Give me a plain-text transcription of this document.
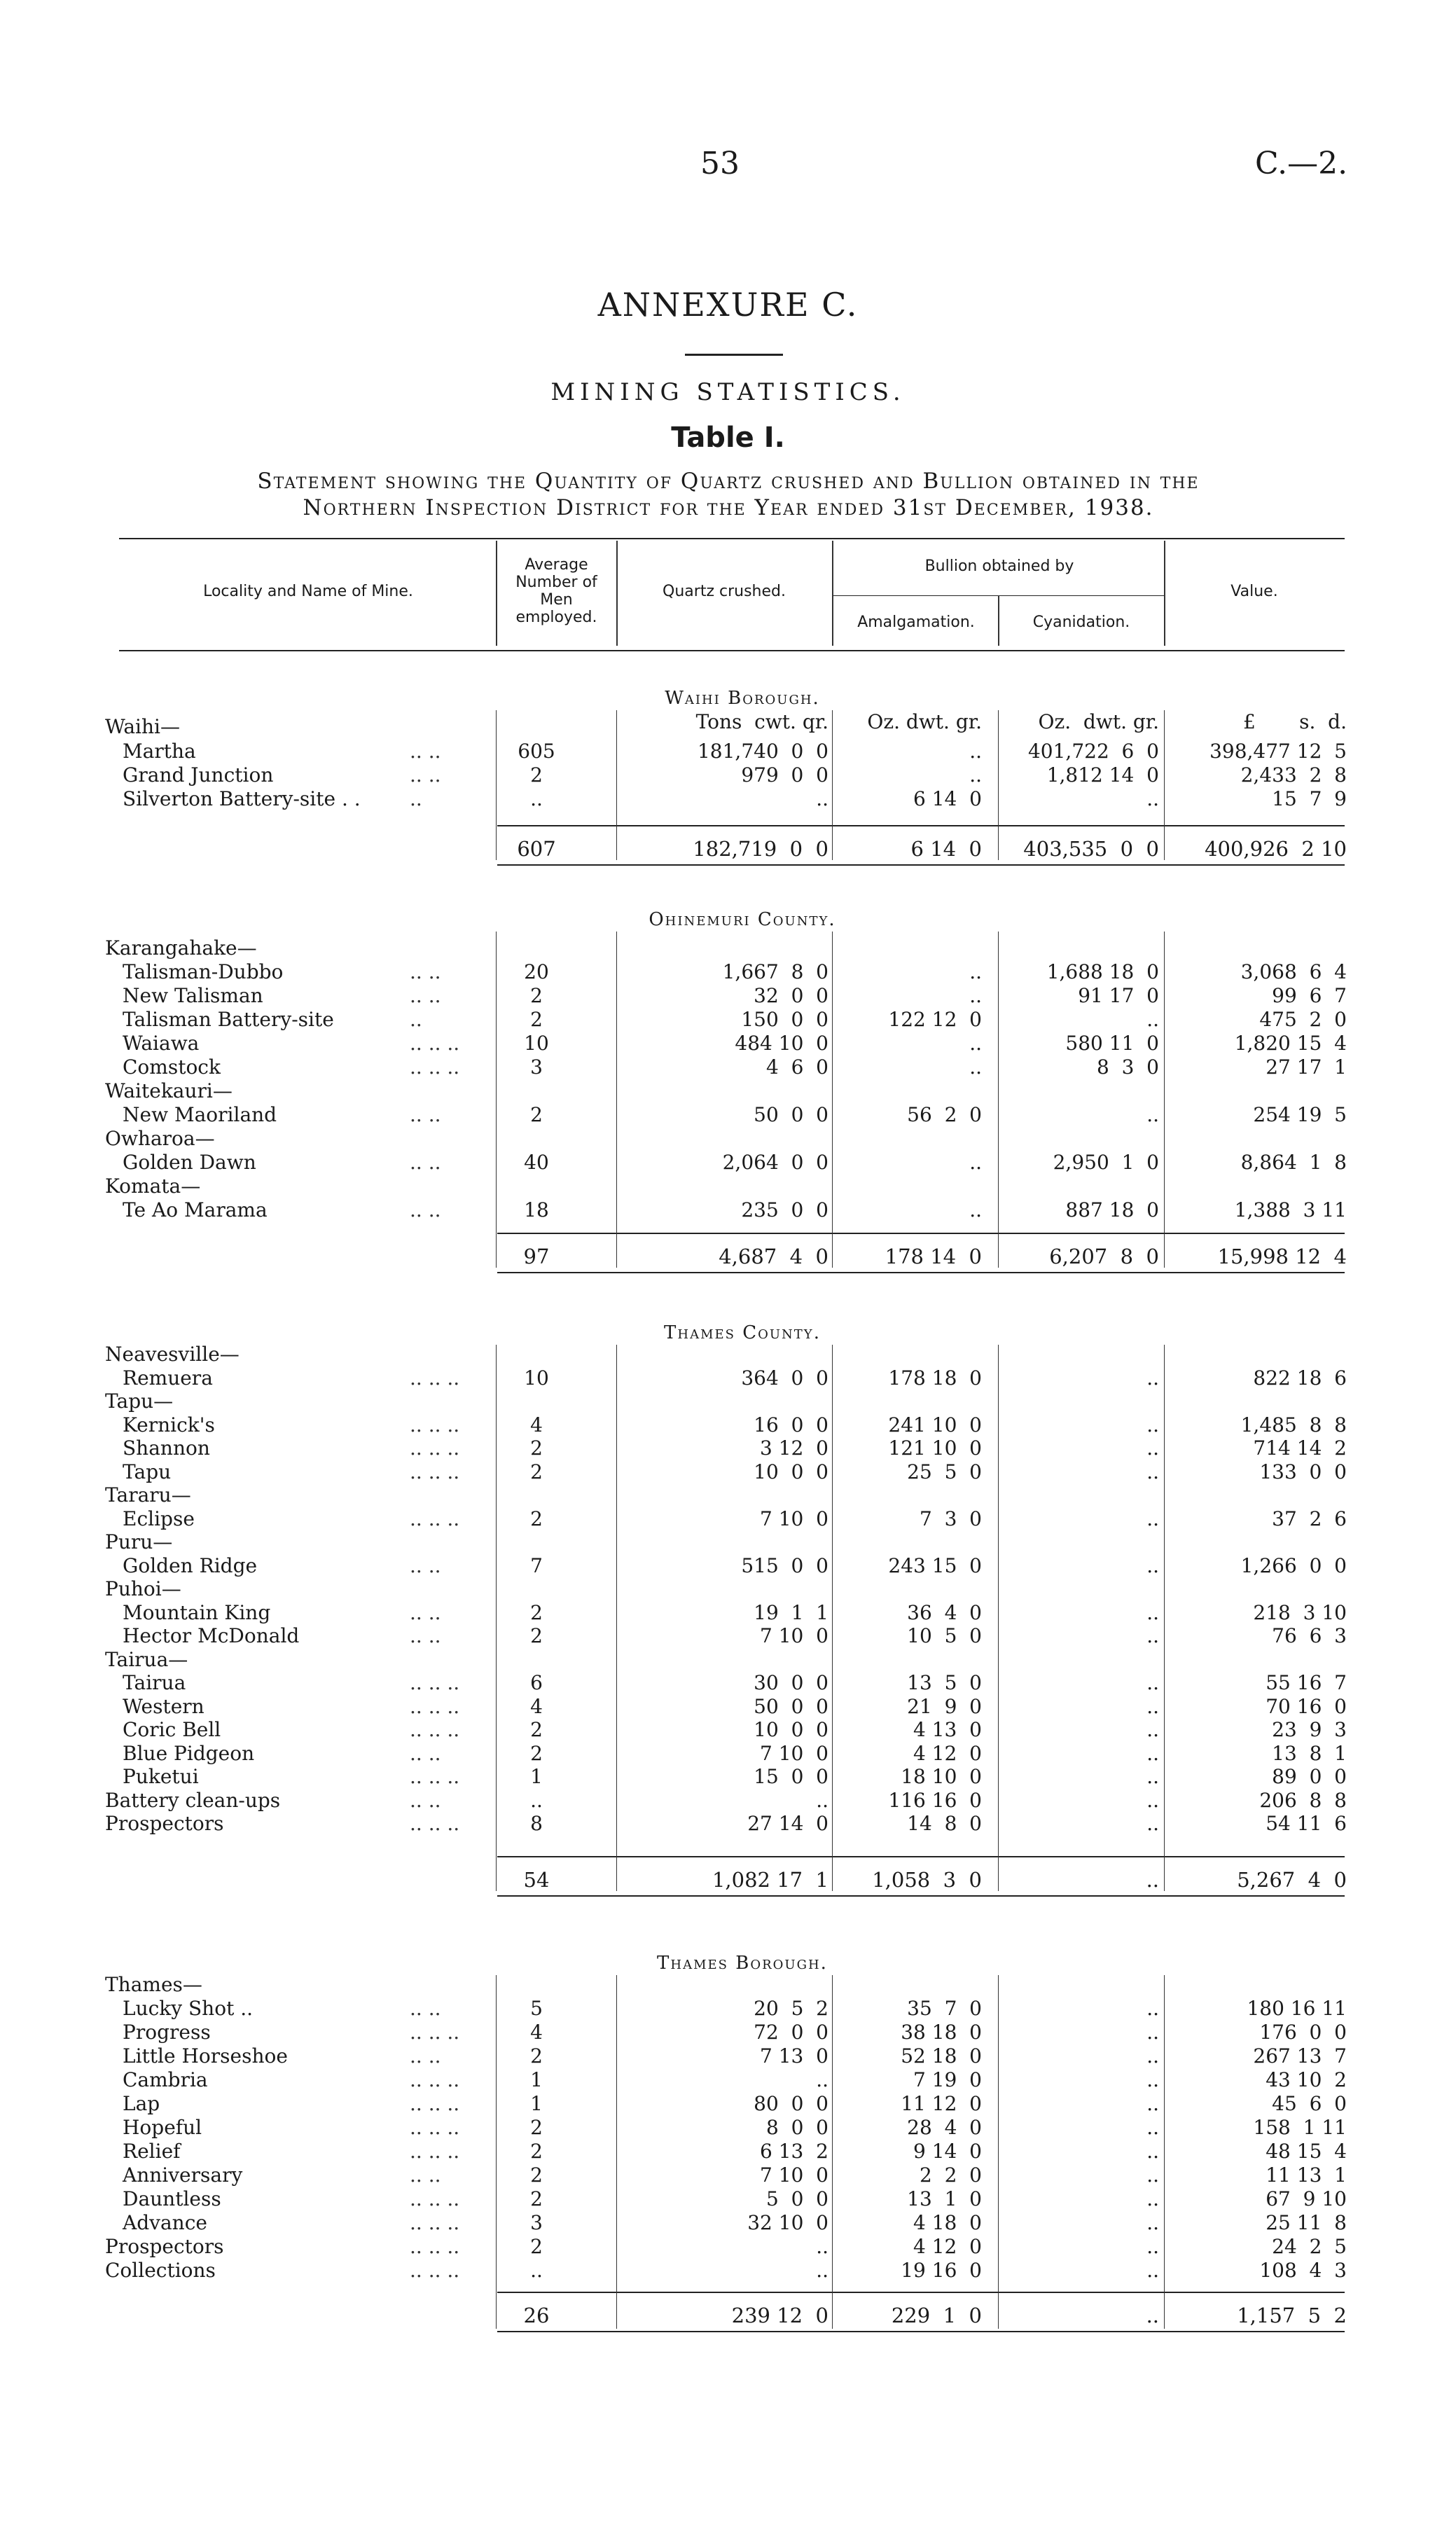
53	C.—2.
ANNEXURE C.
MINING STATISTICS.
Table I.
Statement showing the Quantity of Quartz crushed and Bullion obtained in the
Northern Inspection District for the Year ended 31st December, 1938.
Locality and Name of Mine.
Average
Number of
Men
employed.
Quartz crushed.
Bullion obtained by
Amalgamation.	Cyanidation.
Value.
Waihi Borough.
Tons  cwt. qr.	Oz. dwt. gr.	Oz.  dwt. gr.	£       s.  d.
Waihi—
Martha	.. ..	605	181,740  0  0	..	401,722  6  0	398,477 12  5
Grand Junction	.. ..	2	979  0  0	..	1,812 14  0	2,433  2  8
Silverton Battery-site . .	..	..	..	6 14  0	..	15  7  9
607	182,719  0  0	6 14  0	403,535  0  0	400,926  2 10
Ohinemuri County.
Karangahake—
Talisman-Dubbo	.. ..	20	1,667  8  0	..	1,688 18  0	3,068  6  4
New Talisman	.. ..	2	32  0  0	..	91 17  0	99  6  7
Talisman Battery-site	..	2	150  0  0	122 12  0	..	475  2  0
Waiawa	.. .. ..	10	484 10  0	..	580 11  0	1,820 15  4
Comstock	.. .. ..	3	4  6  0	..	8  3  0	27 17  1
Waitekauri—
New Maoriland	.. ..	2	50  0  0	56  2  0	..	254 19  5
Owharoa—
Golden Dawn	.. ..	40	2,064  0  0	..	2,950  1  0	8,864  1  8
Komata—
Te Ao Marama	.. ..	18	235  0  0	..	887 18  0	1,388  3 11
97	4,687  4  0	178 14  0	6,207  8  0	15,998 12  4
Thames County.
Neavesville—
Remuera	.. .. ..	10	364  0  0	178 18  0	..	822 18  6
Tapu—
Kernick's	.. .. ..	4	16  0  0	241 10  0	..	1,485  8  8
Shannon	.. .. ..	2	3 12  0	121 10  0	..	714 14  2
Tapu	.. .. ..	2	10  0  0	25  5  0	..	133  0  0
Tararu—
Eclipse	.. .. ..	2	7 10  0	7  3  0	..	37  2  6
Puru—
Golden Ridge	.. ..	7	515  0  0	243 15  0	..	1,266  0  0
Puhoi—
Mountain King	.. ..	2	19  1  1	36  4  0	..	218  3 10
Hector McDonald	.. ..	2	7 10  0	10  5  0	..	76  6  3
Tairua—
Tairua	.. .. ..	6	30  0  0	13  5  0	..	55 16  7
Western	.. .. ..	4	50  0  0	21  9  0	..	70 16  0
Coric Bell	.. .. ..	2	10  0  0	4 13  0	..	23  9  3
Blue Pidgeon	.. ..	2	7 10  0	4 12  0	..	13  8  1
Puketui	.. .. ..	1	15  0  0	18 10  0	..	89  0  0
Battery clean-ups	.. ..	..	..	116 16  0	..	206  8  8
Prospectors	.. .. ..	8	27 14  0	14  8  0	..	54 11  6
54	1,082 17  1	1,058  3  0	..	5,267  4  0
Thames Borough.
Thames—
Lucky Shot ..	.. ..	5	20  5  2	35  7  0	..	180 16 11
Progress	.. .. ..	4	72  0  0	38 18  0	..	176  0  0
Little Horseshoe	.. ..	2	7 13  0	52 18  0	..	267 13  7
Cambria	.. .. ..	1	..	7 19  0	..	43 10  2
Lap	.. .. ..	1	80  0  0	11 12  0	..	45  6  0
Hopeful	.. .. ..	2	8  0  0	28  4  0	..	158  1 11
Relief	.. .. ..	2	6 13  2	9 14  0	..	48 15  4
Anniversary	.. ..	2	7 10  0	2  2  0	..	11 13  1
Dauntless	.. .. ..	2	5  0  0	13  1  0	..	67  9 10
Advance	.. .. ..	3	32 10  0	4 18  0	..	25 11  8
Prospectors	.. .. ..	2	..	4 12  0	..	24  2  5
Collections	.. .. ..	..	..	19 16  0	..	108  4  3
26	239 12  0	229  1  0	..	1,157  5  2
